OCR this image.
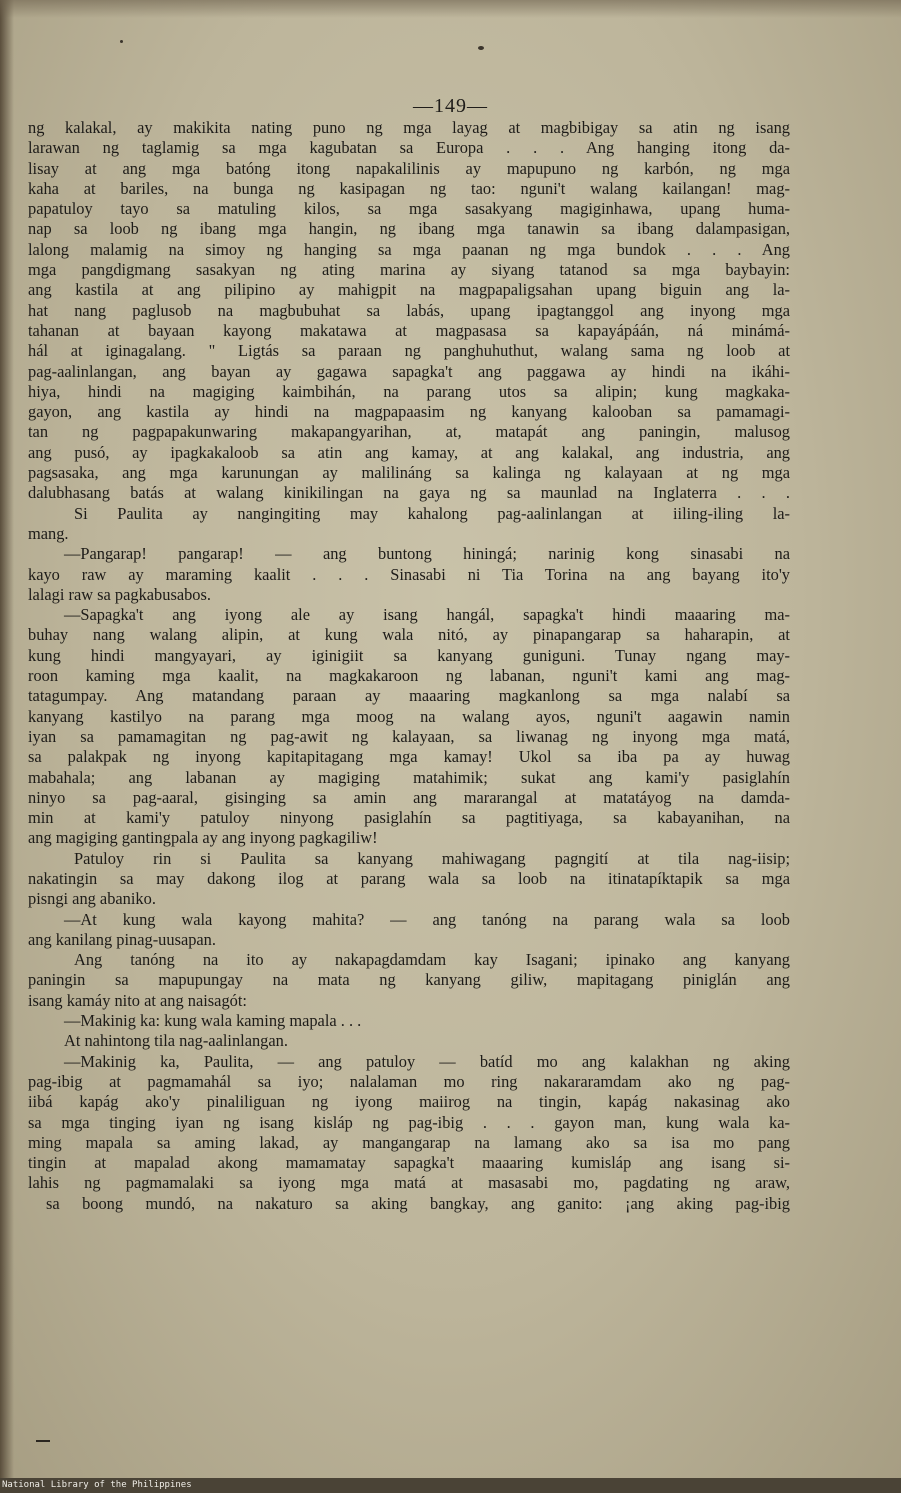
—149—
ng kalakal, ay makikita nating puno ng mga layag at magbibigay sa atin ng isang
larawan ng taglamig sa mga kagubatan sa Europa . . . Ang hanging itong da-
lisay at ang mga batóng itong napakalilinis ay mapupuno ng karbón, ng mga
kaha at bariles, na bunga ng kasipagan ng tao: nguni't walang kailangan! mag-
papatuloy tayo sa matuling kilos, sa mga sasakyang magiginhawa, upang huma-
nap sa loob ng ibang mga hangin, ng ibang mga tanawin sa ibang dalampasigan,
lalong malamig na simoy ng hanging sa mga paanan ng mga bundok . . . Ang
mga pangdigmang sasakyan ng ating marina ay siyang tatanod sa mga baybayin:
ang kastila at ang pilipino ay mahigpit na magpapaligsahan upang biguin ang la-
hat nang paglusob na magbubuhat sa labás, upang ipagtanggol ang inyong mga
tahanan at bayaan kayong makatawa at magpasasa sa kapayápáán, ná minámá-
hál at iginagalang. " Ligtás sa paraan ng panghuhuthut, walang sama ng loob at
pag-aalinlangan, ang bayan ay gagawa sapagka't ang paggawa ay hindi na ikáhi-
hiya, hindi na magiging kaimbihán, na parang utos sa alipin; kung magkaka-
gayon, ang kastila ay hindi na magpapaasim ng kanyang kalooban sa pamamagi-
tan ng pagpapakunwaring makapangyarihan, at, matapát ang paningin, malusog
ang pusó, ay ipagkakaloob sa atin ang kamay, at ang kalakal, ang industria, ang
pagsasaka, ang mga karunungan ay malilináng sa kalinga ng kalayaan at ng mga
dalubhasang batás at walang kinikilingan na gaya ng sa maunlad na Inglaterra . . .
Si Paulita ay nangingiting may kahalong pag-aalinlangan at iiling-iling la-
mang.
—Pangarap! pangarap! — ang buntong hiningá; narinig kong sinasabi na
kayo raw ay maraming kaalit . . . Sinasabi ni Tia Torina na ang bayang ito'y
lalagi raw sa pagkabusabos.
—Sapagka't ang iyong ale ay isang hangál, sapagka't hindi maaaring ma-
buhay nang walang alipin, at kung wala nitó, ay pinapangarap sa haharapin, at
kung hindi mangyayari, ay iginigiit sa kanyang guniguni. Tunay ngang may-
roon kaming mga kaalit, na magkakaroon ng labanan, nguni't kami ang mag-
tatagumpay. Ang matandang paraan ay maaaring magkanlong sa mga nalabí sa
kanyang kastilyo na parang mga moog na walang ayos, nguni't aagawin namin
iyan sa pamamagitan ng pag-awit ng kalayaan, sa liwanag ng inyong mga matá,
sa palakpak ng inyong kapitapitagang mga kamay! Ukol sa iba pa ay huwag
mabahala; ang labanan ay magiging matahimik; sukat ang kami'y pasiglahín
ninyo sa pag-aaral, gisinging sa amin ang mararangal at matatáyog na damda-
min at kami'y patuloy ninyong pasiglahín sa pagtitiyaga, sa kabayanihan, na
ang magiging gantingpala ay ang inyong pagkagiliw!
Patuloy rin si Paulita sa kanyang mahiwagang pagngití at tila nag-iisip;
nakatingin sa may dakong ilog at parang wala sa loob na itinatapíktapik sa mga
pisngi ang abaniko.
—At kung wala kayong mahita? — ang tanóng na parang wala sa loob
ang kanilang pinag-uusapan.
Ang tanóng na ito ay nakapagdamdam kay Isagani; ipinako ang kanyang
paningin sa mapupungay na mata ng kanyang giliw, mapitagang piniglán ang
isang kamáy nito at ang naisagót:
—Makinig ka: kung wala kaming mapala . . .
At nahintong tila nag-aalinlangan.
—Makinig ka, Paulita, — ang patuloy — batíd mo ang kalakhan ng aking
pag-ibig at pagmamahál sa iyo; nalalaman mo ring nakararamdam ako ng pag-
iibá kapág ako'y pinaliliguan ng iyong maiirog na tingin, kapág nakasinag ako
sa mga tinging iyan ng isang kisláp ng pag-ibig . . . gayon man, kung wala ka-
ming mapala sa aming lakad, ay mangangarap na lamang ako sa isa mo pang
tingin at mapalad akong mamamatay sapagka't maaaring kumisláp ang isang si-
lahis ng pagmamalaki sa iyong mga matá at masasabi mo, pagdating ng araw,
sa boong mundó, na nakaturo sa aking bangkay, ang ganito: ¡ang aking pag-ibig
National Library of the Philippines
